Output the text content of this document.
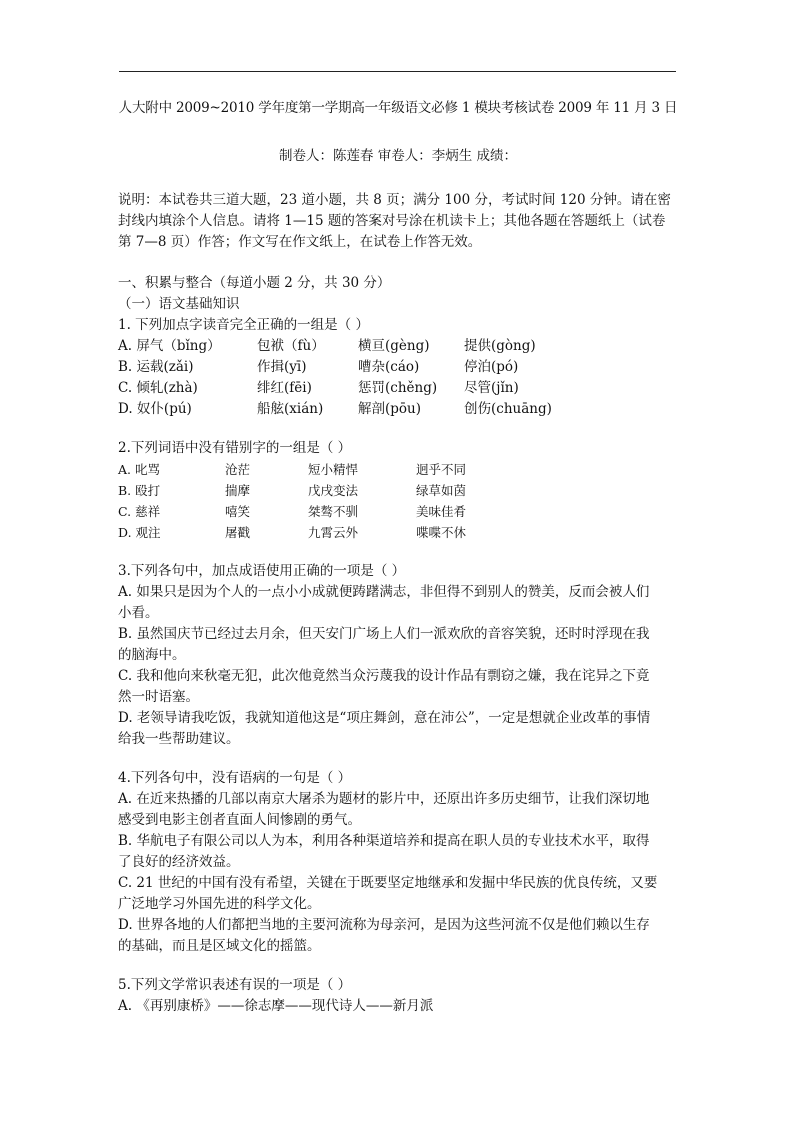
人大附中 2009~2010 学年度第一学期高一年级语文必修 1 模块考核试卷 2009 年 11 月 3 日
制卷人：陈莲春 审卷人：李炳生 成绩：

说明：本试卷共三道大题，23 道小题，共 8 页；满分 100 分，考试时间 120 分钟。请在密

封线内填涂个人信息。请将 1—15 题的答案对号涂在机读卡上；其他各题在答题纸上（试卷

第 7—8 页）作答；作文写在作文纸上，在试卷上作答无效。

一、积累与整合（每道小题 2 分，共 30 分）

（一）语文基础知识

1. 下列加点字读音完全正确的一组是（ ）

A. 屏气（bǐng）	包袱（fù）	横亘(gèng)	提供(gòng)
B. 运载(zǎi)	作揖(yī)	嘈杂(cáo)	停泊(pó)
C. 倾轧(zhà)	绯红(fēi)	惩罚(chěng)	尽管(jǐn)
D. 奴仆(pú)	船舷(xián)	解剖(pōu)	创伤(chuāng)

2.下列词语中没有错别字的一组是（ ）

A. 叱骂	沧茫	短小精悍	迥乎不同
B. 殴打	揣摩	戊戌变法	绿草如茵
C. 慈祥	嘻笑	桀骜不驯	美味佳肴
D. 观注	屠戳	九霄云外	喋喋不休

3.下列各句中，加点成语使用正确的一项是（ ）

A. 如果只是因为个人的一点小小成就便踌躇满志，非但得不到别人的赞美，反而会被人们

小看。

B. 虽然国庆节已经过去月余，但天安门广场上人们一派欢欣的音容笑貌，还时时浮现在我

的脑海中。

C. 我和他向来秋毫无犯，此次他竟然当众污蔑我的设计作品有剽窃之嫌，我在诧异之下竟

然一时语塞。

D. 老领导请我吃饭，我就知道他这是“项庄舞剑，意在沛公”，一定是想就企业改革的事情

给我一些帮助建议。

4.下列各句中，没有语病的一句是（ ）

A. 在近来热播的几部以南京大屠杀为题材的影片中，还原出许多历史细节，让我们深切地

感受到电影主创者直面人间惨剧的勇气。

B. 华航电子有限公司以人为本，利用各种渠道培养和提高在职人员的专业技术水平，取得

了良好的经济效益。

C. 21 世纪的中国有没有希望，关键在于既要坚定地继承和发掘中华民族的优良传统，又要

广泛地学习外国先进的科学文化。

D. 世界各地的人们都把当地的主要河流称为母亲河，是因为这些河流不仅是他们赖以生存

的基础，而且是区域文化的摇篮。

5.下列文学常识表述有误的一项是（ ）

A. 《再别康桥》——徐志摩——现代诗人——新月派
